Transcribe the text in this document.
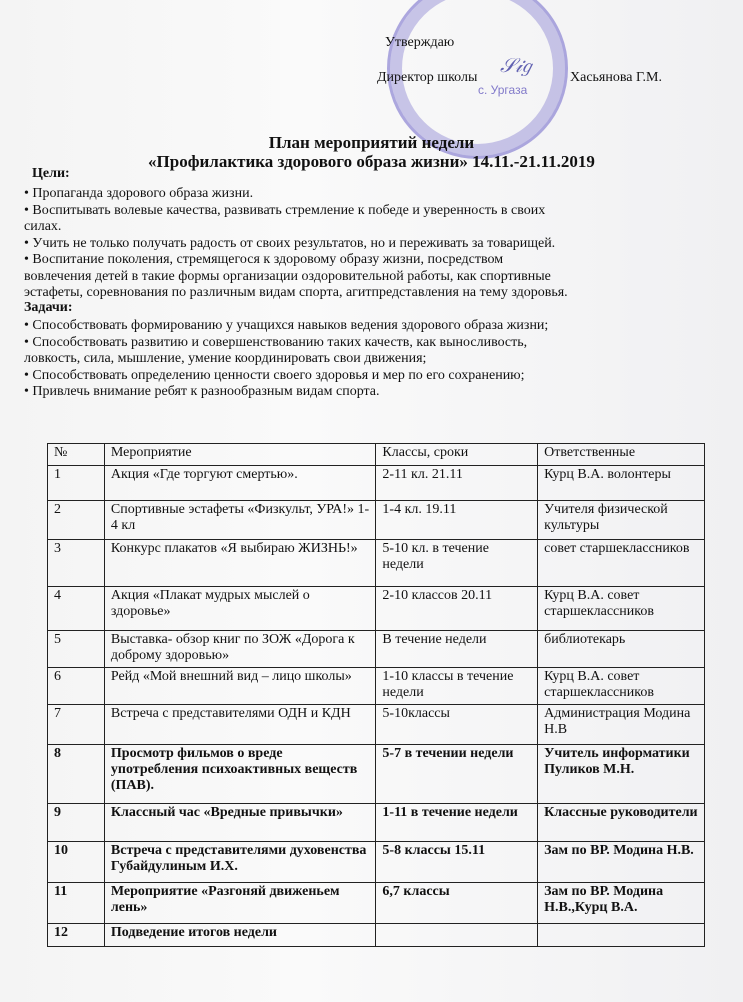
с. Ургаза
𝒮𝒾𝑔
Утверждаю
Директор школы	Хасьянова Г.М.
План мероприятий недели
«Профилактика здорового образа жизни» 14.11.-21.11.2019
Цели:
• Пропаганда здорового образа жизни.
• Воспитывать волевые качества, развивать стремление к победе и уверенность в своих
силах.
• Учить не только получать радость от своих результатов, но и переживать за товарищей.
• Воспитание поколения, стремящегося к здоровому образу жизни, посредством
вовлечения детей в такие формы организации оздоровительной работы, как спортивные
эстафеты, соревнования по различным видам спорта, агитпредставления на тему здоровья.
Задачи:
• Способствовать формированию у учащихся навыков ведения здорового образа жизни;
• Способствовать развитию и совершенствованию таких качеств, как выносливость,
ловкость, сила, мышление, умение координировать свои движения;
• Способствовать определению ценности своего здоровья и мер по его сохранению;
• Привлечь внимание ребят к разнообразным видам спорта.
№	Мероприятие	Классы, сроки	Ответственные
1	Акция «Где торгуют смертью».	2-11 кл. 21.11	Курц В.А. волонтеры
2	Спортивные эстафеты «Физкульт, УРА!» 1-4 кл	1-4 кл. 19.11	Учителя физической культуры
3	Конкурс плакатов «Я выбираю ЖИЗНЬ!»	5-10 кл. в течение недели	совет старшеклассников
4	Акция «Плакат мудрых мыслей о здоровье»	2-10 классов 20.11	Курц В.А. совет старшеклассников
5	Выставка- обзор книг по ЗОЖ «Дорога к доброму здоровью»	В течение недели	библиотекарь
6	Рейд «Мой внешний вид – лицо школы»	1-10 классы в течение недели	Курц В.А. совет старшеклассников
7	Встреча с представителями ОДН и КДН	5-10классы	Администрация Модина Н.В
8	Просмотр фильмов о вреде употребления психоактивных веществ (ПАВ).	5-7 в течении недели	Учитель информатики Пуликов М.Н.
9	Классный час «Вредные привычки»	1-11 в течение недели	Классные руководители
10	Встреча с представителями духовенства Губайдулиным И.Х.	5-8 классы 15.11	Зам по ВР. Модина Н.В.
11	Мероприятие «Разгоняй движеньем лень»	6,7 классы	Зам по ВР. Модина Н.В.,Курц В.А.
12	Подведение итогов недели		
